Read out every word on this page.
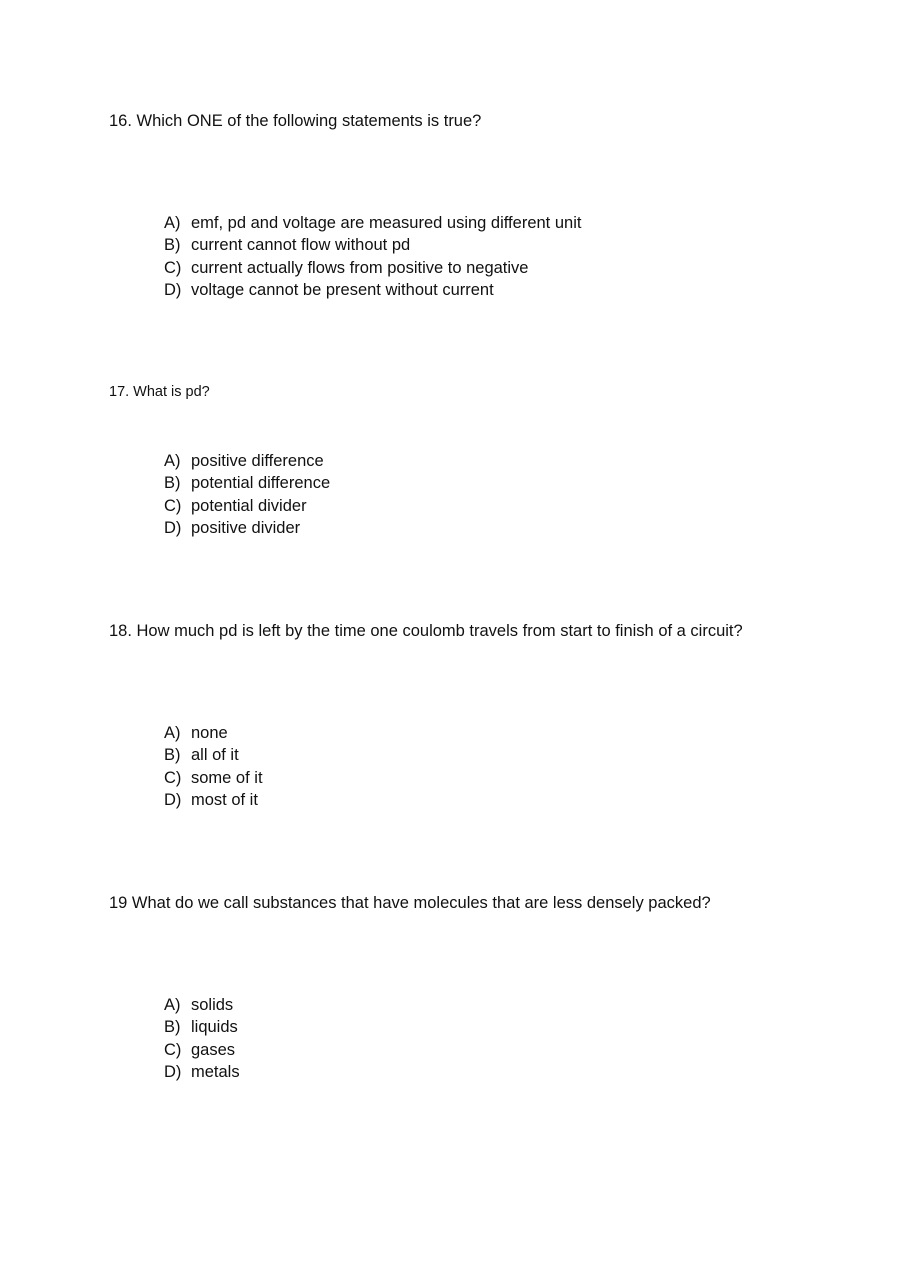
16. Which ONE of the following statements is true?
A) emf, pd and voltage are measured using different unit
B) current cannot flow without pd
C) current actually flows from positive to negative
D) voltage cannot be present without current
17. What is pd?
A) positive difference
B) potential difference
C) potential divider
D) positive divider
18. How much pd is left by the time one coulomb travels from start to finish of a circuit?
A) none
B) all of it
C) some of it
D) most of it
19 What do we call substances that have molecules that are less densely packed?
A) solids
B) liquids
C) gases
D) metals
